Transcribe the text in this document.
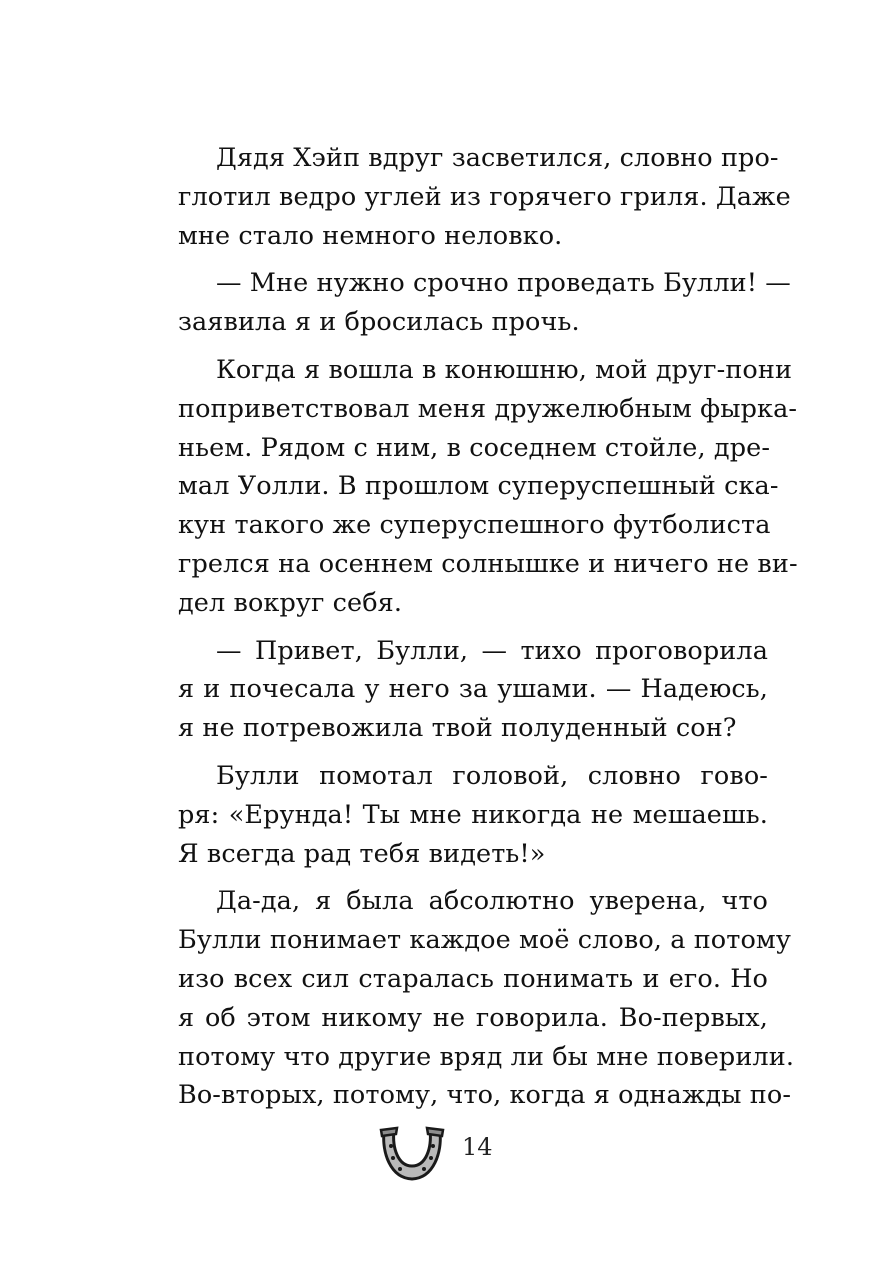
Дядя Хэйп вдруг засветился, словно про-
глотил ведро углей из горячего гриля. Даже
мне стало немного неловко.

— Мне нужно срочно проведать Булли! —
заявила я и бросилась прочь.

Когда я вошла в конюшню, мой друг-пони
поприветствовал меня дружелюбным фырка-
ньем. Рядом с ним, в соседнем стойле, дре-
мал Уолли. В прошлом суперуспешный ска-
кун такого же суперуспешного футболиста
грелся на осеннем солнышке и ничего не ви-
дел вокруг себя.

— Привет, Булли, — тихо проговорила
я и почесала у него за ушами. — Надеюсь,
я не потревожила твой полуденный сон?

Булли помотал головой, словно гово-
ря: «Ерунда! Ты мне никогда не мешаешь.
Я всегда рад тебя видеть!»

Да-да, я была абсолютно уверена, что
Булли понимает каждое моё слово, а потому
изо всех сил старалась понимать и его. Но
я об этом никому не говорила. Во-первых,
потому что другие вряд ли бы мне поверили.
Во-вторых, потому, что, когда я однажды по-

14
